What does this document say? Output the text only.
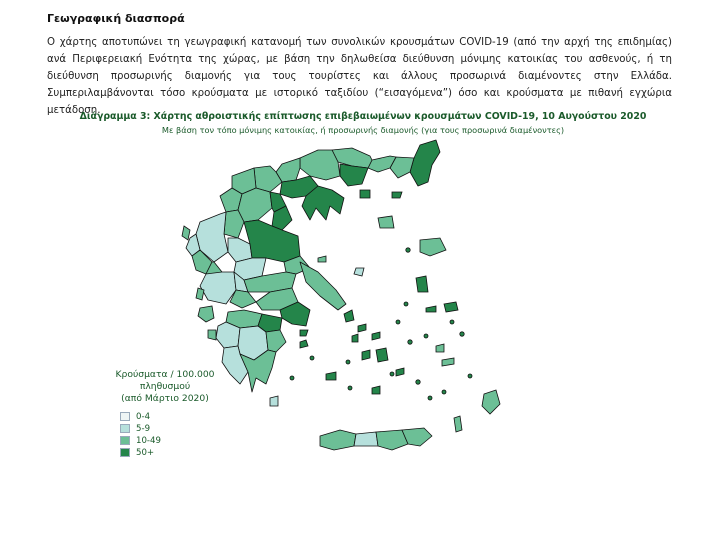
Γεωγραφική διασπορά
Ο χάρτης αποτυπώνει τη γεωγραφική κατανομή των συνολικών κρουσμάτων COVID-19 (από την αρχή της επιδημίας) ανά Περιφερειακή Ενότητα της χώρας, με βάση την δηλωθείσα διεύθυνση μόνιμης κατοικίας του ασθενούς, ή τη διεύθυνση προσωρινής διαμονής για τους τουρίστες και άλλους προσωρινά διαμένοντες στην Ελλάδα. Συμπεριλαμβάνονται τόσο κρούσματα με ιστορικό ταξιδίου (“εισαγόμενα”) όσο και κρούσματα με πιθανή εγχώρια μετάδοση.
Διάγραμμα 3: Χάρτης αθροιστικής επίπτωσης επιβεβαιωμένων κρουσμάτων COVID-19, 10 Αυγούστου 2020
Με βάση τον τόπο μόνιμης κατοικίας, ή προσωρινής διαμονής (για τους προσωρινά διαμένοντες)
Κρούσματα / 100.000 πληθυσμού
(από Μάρτιο 2020)
0-4
5-9
10-49
50+
